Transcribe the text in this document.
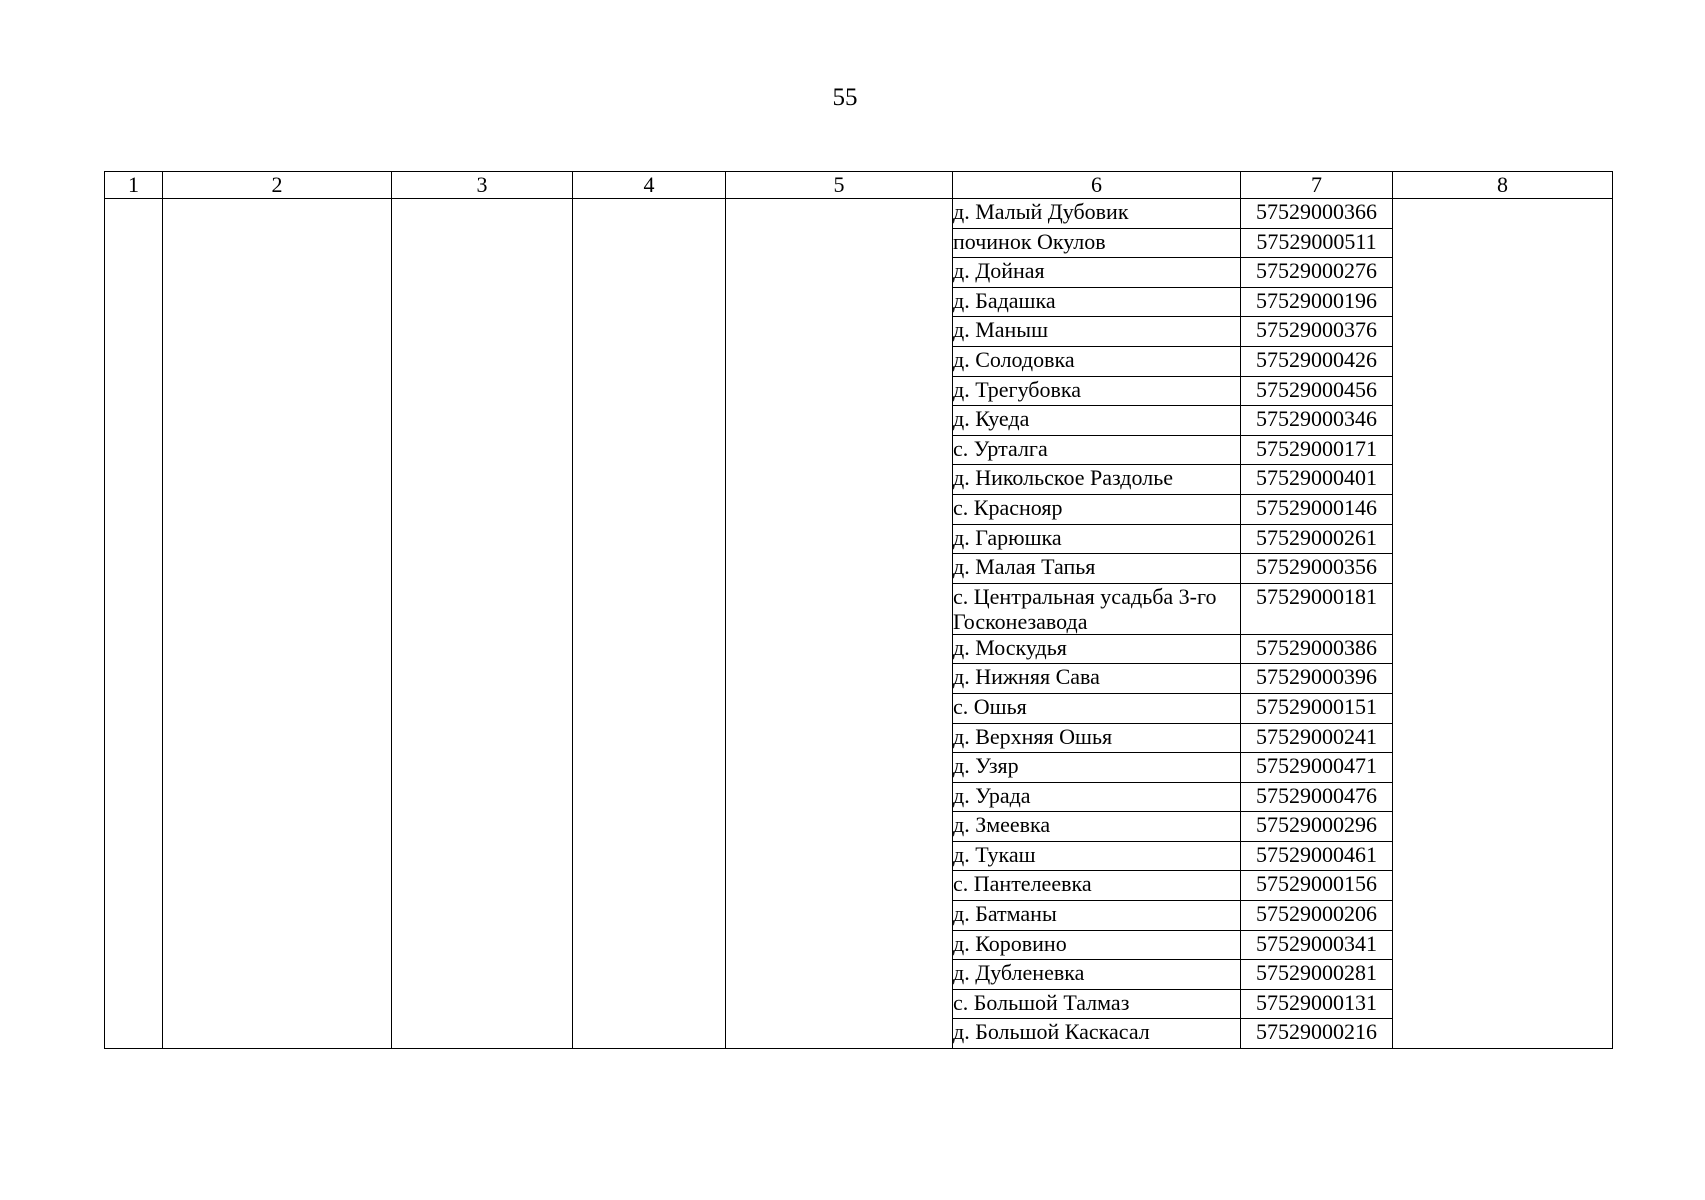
55
1	2	3	4	5	6	7	8
					д. Малый Дубовик	57529000366	
					починок Окулов	57529000511	
					д. Дойная	57529000276	
					д. Бадашка	57529000196	
					д. Маныш	57529000376	
					д. Солодовка	57529000426	
					д. Трегубовка	57529000456	
					д. Куеда	57529000346	
					с. Урталга	57529000171	
					д. Никольское Раздолье	57529000401	
					с. Краснояр	57529000146	
					д. Гарюшка	57529000261	
					д. Малая Тапья	57529000356	
					с. Центральная усадьба 3-го Госконезавода	57529000181	
					д. Москудья	57529000386	
					д. Нижняя Сава	57529000396	
					с. Ошья	57529000151	
					д. Верхняя Ошья	57529000241	
					д. Узяр	57529000471	
					д. Урада	57529000476	
					д. Змеевка	57529000296	
					д. Тукаш	57529000461	
					с. Пантелеевка	57529000156	
					д. Батманы	57529000206	
					д. Коровино	57529000341	
					д. Дубленевка	57529000281	
					с. Большой Талмаз	57529000131	
					д. Большой Каскасал	57529000216	
